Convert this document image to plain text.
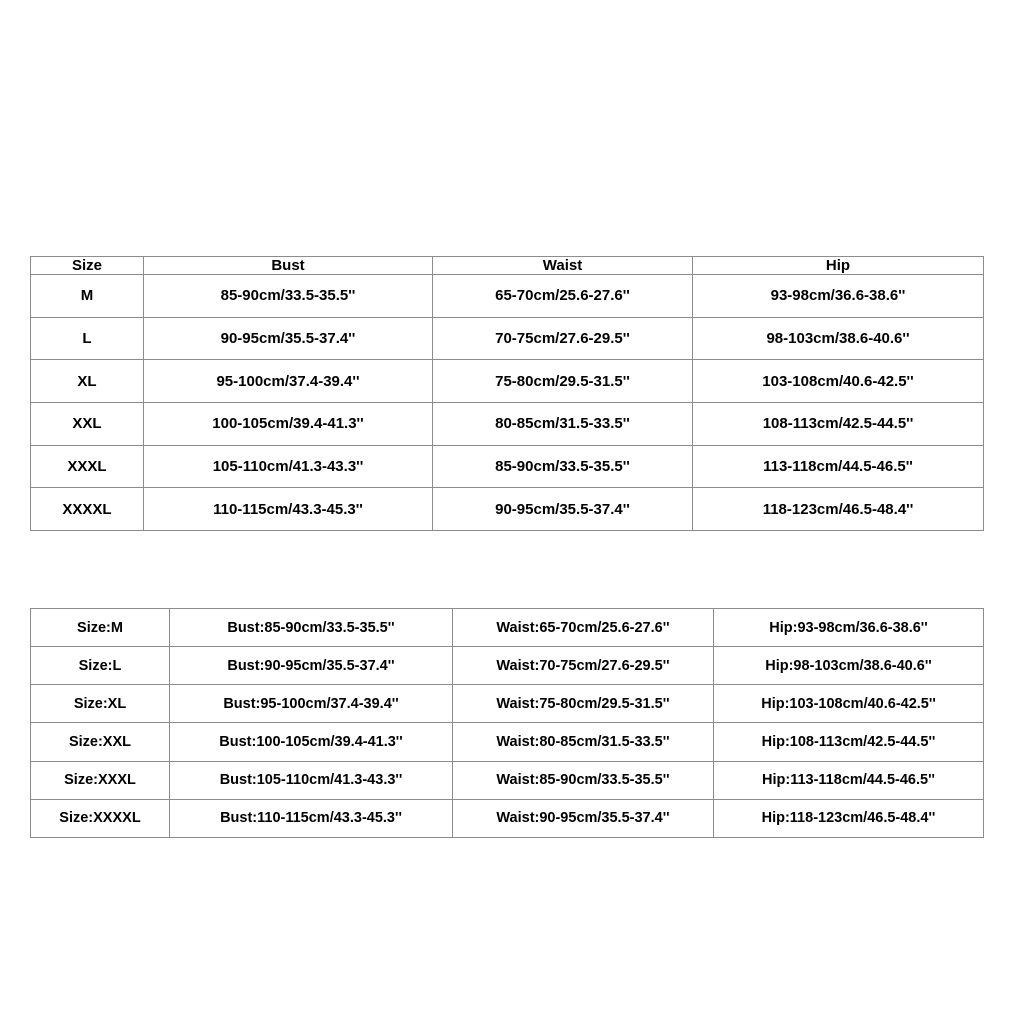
Size	Bust	Waist	Hip
M	85-90cm/33.5-35.5''	65-70cm/25.6-27.6''	93-98cm/36.6-38.6''
L	90-95cm/35.5-37.4''	70-75cm/27.6-29.5''	98-103cm/38.6-40.6''
XL	95-100cm/37.4-39.4''	75-80cm/29.5-31.5''	103-108cm/40.6-42.5''
XXL	100-105cm/39.4-41.3''	80-85cm/31.5-33.5''	108-113cm/42.5-44.5''
XXXL	105-110cm/41.3-43.3''	85-90cm/33.5-35.5''	113-118cm/44.5-46.5''
XXXXL	110-115cm/43.3-45.3''	90-95cm/35.5-37.4''	118-123cm/46.5-48.4''
Size:M	Bust:85-90cm/33.5-35.5''	Waist:65-70cm/25.6-27.6''	Hip:93-98cm/36.6-38.6''
Size:L	Bust:90-95cm/35.5-37.4''	Waist:70-75cm/27.6-29.5''	Hip:98-103cm/38.6-40.6''
Size:XL	Bust:95-100cm/37.4-39.4''	Waist:75-80cm/29.5-31.5''	Hip:103-108cm/40.6-42.5''
Size:XXL	Bust:100-105cm/39.4-41.3''	Waist:80-85cm/31.5-33.5''	Hip:108-113cm/42.5-44.5''
Size:XXXL	Bust:105-110cm/41.3-43.3''	Waist:85-90cm/33.5-35.5''	Hip:113-118cm/44.5-46.5''
Size:XXXXL	Bust:110-115cm/43.3-45.3''	Waist:90-95cm/35.5-37.4''	Hip:118-123cm/46.5-48.4''
